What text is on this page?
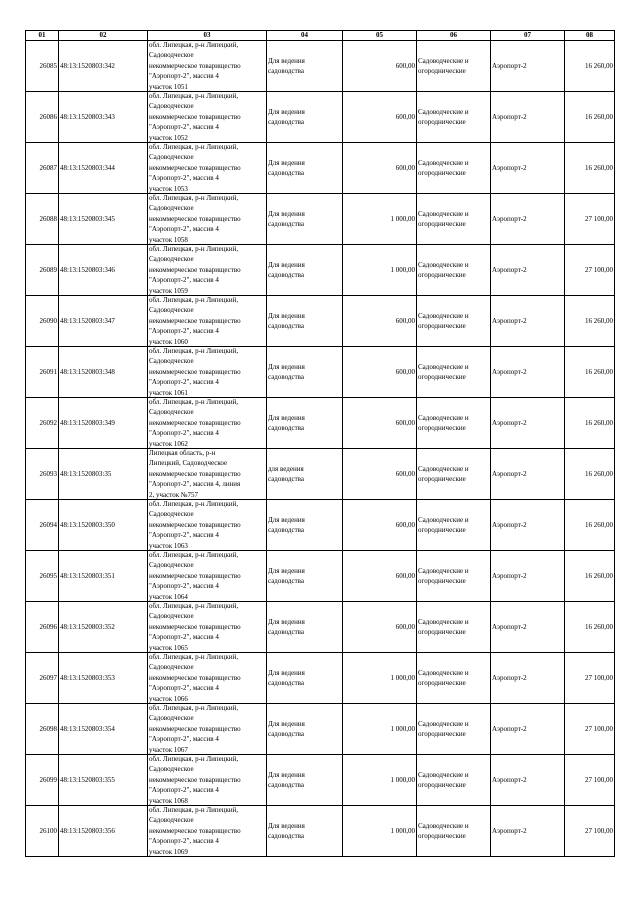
01	02	03	04	05	06	07	08
26085	48:13:1520803:342	обл. Липецкая, р-н Липецкий,
Садоводческое
некоммерческое товарищество
"Аэропорт-2", массив 4
участок 1051	Для ведения
садоводства	600,00	Садоводческие и
огороднические	Аэропорт-2	16 260,00
26086	48:13:1520803:343	обл. Липецкая, р-н Липецкий,
Садоводческое
некоммерческое товарищество
"Аэропорт-2", массив 4
участок 1052	Для ведения
садоводства	600,00	Садоводческие и
огороднические	Аэропорт-2	16 260,00
26087	48:13:1520803:344	обл. Липецкая, р-н Липецкий,
Садоводческое
некоммерческое товарищество
"Аэропорт-2", массив 4
участок 1053	Для ведения
садоводства	600,00	Садоводческие и
огороднические	Аэропорт-2	16 260,00
26088	48:13:1520803:345	обл. Липецкая, р-н Липецкий,
Садоводческое
некоммерческое товарищество
"Аэропорт-2", массив 4
участок 1058	Для ведения
садоводства	1 000,00	Садоводческие и
огороднические	Аэропорт-2	27 100,00
26089	48:13:1520803:346	обл. Липецкая, р-н Липецкий,
Садоводческое
некоммерческое товарищество
"Аэропорт-2", массив 4
участок 1059	Для ведения
садоводства	1 000,00	Садоводческие и
огороднические	Аэропорт-2	27 100,00
26090	48:13:1520803:347	обл. Липецкая, р-н Липецкий,
Садоводческое
некоммерческое товарищество
"Аэропорт-2", массив 4
участок 1060	Для ведения
садоводства	600,00	Садоводческие и
огороднические	Аэропорт-2	16 260,00
26091	48:13:1520803:348	обл. Липецкая, р-н Липецкий,
Садоводческое
некоммерческое товарищество
"Аэропорт-2", массив 4
участок 1061	Для ведения
садоводства	600,00	Садоводческие и
огороднические	Аэропорт-2	16 260,00
26092	48:13:1520803:349	обл. Липецкая, р-н Липецкий,
Садоводческое
некоммерческое товарищество
"Аэропорт-2", массив 4
участок 1062	Для ведения
садоводства	600,00	Садоводческие и
огороднические	Аэропорт-2	16 260,00
26093	48:13:1520803:35	Липецкая область, р-н
Липецкий, Садоводческое
некоммерческое товарищество
"Аэропорт-2", массив 4, линия
2, участок №757	для ведения
садоводства	600,00	Садоводческие и
огороднические	Аэропорт-2	16 260,00
26094	48:13:1520803:350	обл. Липецкая, р-н Липецкий,
Садоводческое
некоммерческое товарищество
"Аэропорт-2", массив 4
участок 1063	Для ведения
садоводства	600,00	Садоводческие и
огороднические	Аэропорт-2	16 260,00
26095	48:13:1520803:351	обл. Липецкая, р-н Липецкий,
Садоводческое
некоммерческое товарищество
"Аэропорт-2", массив 4
участок 1064	Для ведения
садоводства	600,00	Садоводческие и
огороднические	Аэропорт-2	16 260,00
26096	48:13:1520803:352	обл. Липецкая, р-н Липецкий,
Садоводческое
некоммерческое товарищество
"Аэропорт-2", массив 4
участок 1065	Для ведения
садоводства	600,00	Садоводческие и
огороднические	Аэропорт-2	16 260,00
26097	48:13:1520803:353	обл. Липецкая, р-н Липецкий,
Садоводческое
некоммерческое товарищество
"Аэропорт-2", массив 4
участок 1066	Для ведения
садоводства	1 000,00	Садоводческие и
огороднические	Аэропорт-2	27 100,00
26098	48:13:1520803:354	обл. Липецкая, р-н Липецкий,
Садоводческое
некоммерческое товарищество
"Аэропорт-2", массив 4
участок 1067	Для ведения
садоводства	1 000,00	Садоводческие и
огороднические	Аэропорт-2	27 100,00
26099	48:13:1520803:355	обл. Липецкая, р-н Липецкий,
Садоводческое
некоммерческое товарищество
"Аэропорт-2", массив 4
участок 1068	Для ведения
садоводства	1 000,00	Садоводческие и
огороднические	Аэропорт-2	27 100,00
26100	48:13:1520803:356	обл. Липецкая, р-н Липецкий,
Садоводческое
некоммерческое товарищество
"Аэропорт-2", массив 4
участок 1069	Для ведения
садоводства	1 000,00	Садоводческие и
огороднические	Аэропорт-2	27 100,00
